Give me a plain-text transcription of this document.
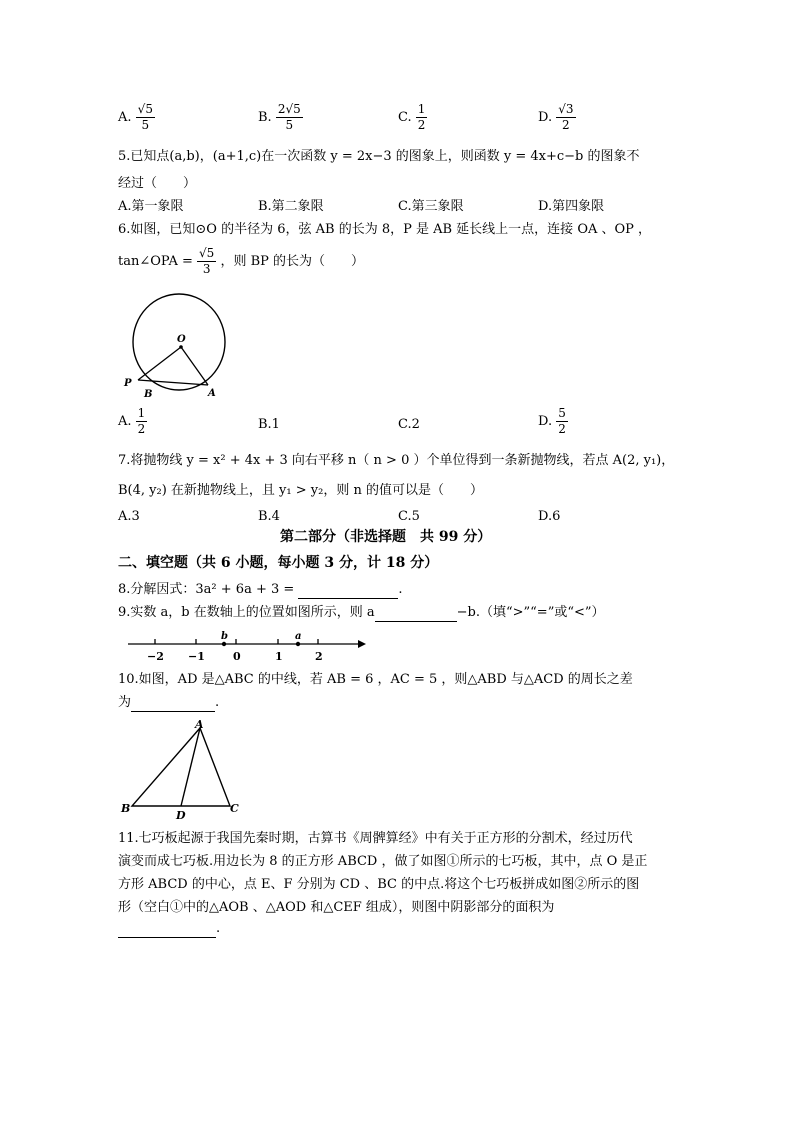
A. $\frac{√5}{5}$	B. $\frac{2√5}{5}$	C. $\frac{1}{2}$	D. $\frac{√3}{2}$
5.已知点(a,b)，(a+1,c)在一次函数 y = 2x−3 的图象上，则函数 y = 4x+c−b 的图象不
经过（　　）
A.第一象限	B.第二象限	C.第三象限	D.第四象限
6.如图，已知⊙O 的半径为 6，弦 AB 的长为 8，P 是 AB 延长线上一点，连接 OA 、OP ，
tan∠OPA = $\frac{√5}{3}$ ，则 BP 的长为（　　）
O
P
B	A
A. $\frac{1}{2}$	B.1	C.2	D. $\frac{5}{2}$
7.将抛物线 y = x² + 4x + 3 向右平移 n（ n > 0 ）个单位得到一条新抛物线，若点 A(2, y₁)，
B(4, y₂) 在新抛物线上，且 y₁ > y₂，则 n 的值可以是（　　）
A.3	B.4	C.5	D.6
第二部分（非选择题　共 99 分）
二、填空题（共 6 小题，每小题 3 分，计 18 分）
8.分解因式：3a² + 6a + 3 =	.
9.实数 a，b 在数轴上的位置如图所示，则 a	−b.（填“>”“=”或“<”）
b	a
−2 −1	0	1	2
10.如图，AD 是△ABC 的中线，若 AB = 6 ，AC = 5 ，则△ABD 与△ACD 的周长之差
为	.
A
B	C
D
11.七巧板起源于我国先秦时期，古算书《周髀算经》中有关于正方形的分割术，经过历代
演变而成七巧板.用边长为 8 的正方形 ABCD ，做了如图①所示的七巧板，其中，点 O 是正
方形 ABCD 的中心，点 E、F 分别为 CD 、BC 的中点.将这个七巧板拼成如图②所示的图
形（空白①中的△AOB 、△AOD 和△CEF 组成），则图中阴影部分的面积为
.
